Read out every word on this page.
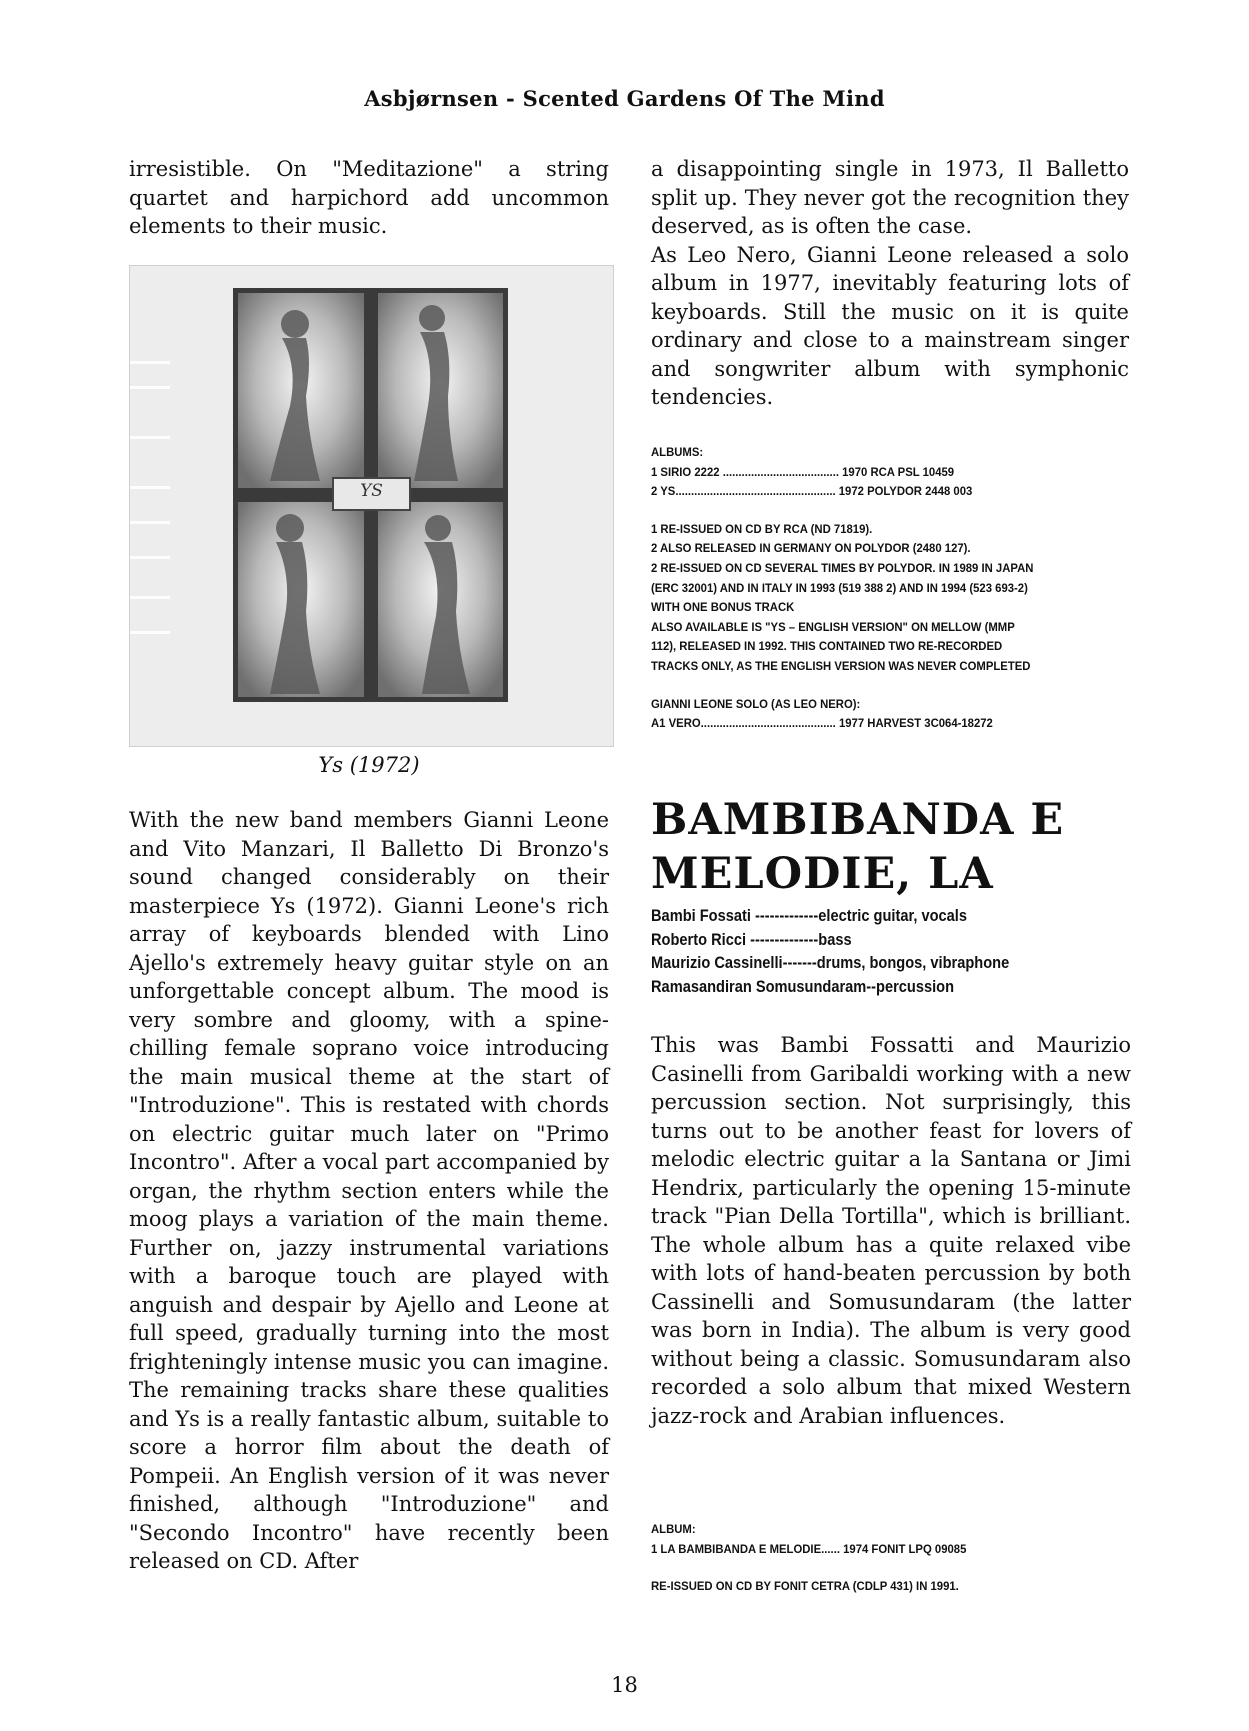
Asbjørnsen - Scented Gardens Of The Mind

irresistible. On "Meditazione" a string quartet and harpichord add uncommon elements to their music.

YS
Ys (1972)

With the new band members Gianni Leone and Vito Manzari, Il Balletto Di Bronzo's sound changed considerably on their masterpiece Ys (1972). Gianni Leone's rich array of keyboards blended with Lino Ajello's extremely heavy guitar style on an unforgettable concept album. The mood is very sombre and gloomy, with a spine-chilling female soprano voice introducing the main musical theme at the start of "Introduzione". This is restated with chords on electric guitar much later on "Primo Incontro". After a vocal part accompanied by organ, the rhythm section enters while the moog plays a variation of the main theme. Further on, jazzy instrumental variations with a baroque touch are played with anguish and despair by Ajello and Leone at full speed, gradually turning into the most frighteningly intense music you can imagine. The remaining tracks share these qualities and Ys is a really fantastic album, suitable to score a horror film about the death of Pompeii. An English version of it was never finished, although "Introduzione" and "Secondo Incontro" have recently been released on CD. After

a disappointing single in 1973, Il Balletto split up. They never got the recognition they deserved, as is often the case.

As Leo Nero, Gianni Leone released a solo album in 1977, inevitably featuring lots of keyboards. Still the music on it is quite ordinary and close to a mainstream singer and songwriter album with symphonic tendencies.

ALBUMS:

1 SIRIO 2222 ..................................... 1970 RCA PSL 10459

2 YS................................................... 1972 POLYDOR 2448 003

1 RE-ISSUED ON CD BY RCA (ND 71819).

2 ALSO RELEASED IN GERMANY ON POLYDOR (2480 127).

2 RE-ISSUED ON CD SEVERAL TIMES BY POLYDOR. IN 1989 IN JAPAN

(ERC 32001) AND IN ITALY IN 1993 (519 388 2) AND IN 1994 (523 693-2)

WITH ONE BONUS TRACK

ALSO AVAILABLE IS "YS – ENGLISH VERSION" ON MELLOW (MMP

112), RELEASED IN 1992. THIS CONTAINED TWO RE-RECORDED

TRACKS ONLY, AS THE ENGLISH VERSION WAS NEVER COMPLETED

GIANNI LEONE SOLO (AS LEO NERO):

A1 VERO........................................... 1977 HARVEST 3C064-18272

BAMBIBANDA E
MELODIE, LA

Bambi Fossati -------------electric guitar, vocals

Roberto Ricci --------------bass

Maurizio Cassinelli-------drums, bongos, vibraphone

Ramasandiran Somusundaram--percussion

This was Bambi Fossatti and Maurizio Casinelli from Garibaldi working with a new percussion section. Not surprisingly, this turns out to be another feast for lovers of melodic electric guitar a la Santana or Jimi Hendrix, particularly the opening 15-minute track "Pian Della Tortilla", which is brilliant. The whole album has a quite relaxed vibe with lots of hand-beaten percussion by both Cassinelli and Somusundaram (the latter was born in India). The album is very good without being a classic. Somusundaram also recorded a solo album that mixed Western jazz-rock and Arabian influences.

ALBUM:

1 LA BAMBIBANDA E MELODIE...... 1974 FONIT LPQ 09085

RE-ISSUED ON CD BY FONIT CETRA (CDLP 431) IN 1991.

18
